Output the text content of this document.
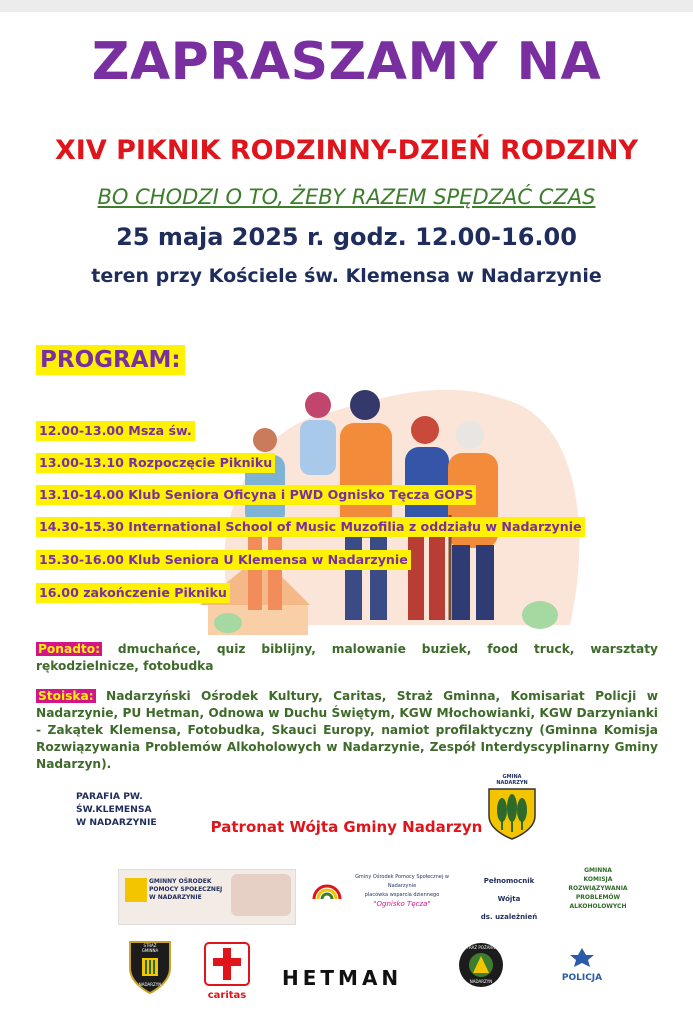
ZAPRASZAMY NA
XIV PIKNIK RODZINNY-DZIEŃ RODZINY
BO CHODZI O TO, ŻEBY RAZEM SPĘDZAĆ CZAS
25 maja 2025 r. godz. 12.00-16.00
teren przy Kościele św. Klemensa w Nadarzynie
PROGRAM:
12.00-13.00 Msza św.
13.00-13.10 Rozpoczęcie Pikniku
13.10-14.00 Klub Seniora Oficyna i PWD Ognisko Tęcza GOPS
14.30-15.30 International School of Music Muzofilia z oddziału w Nadarzynie
15.30-16.00 Klub Seniora U Klemensa w Nadarzynie
16.00 zakończenie Pikniku
Ponadto: dmuchańce, quiz biblijny, malowanie buziek, food truck, warsztaty rękodzielnicze, fotobudka
Stoiska: Nadarzyński Ośrodek Kultury, Caritas, Straż Gminna, Komisariat Policji w Nadarzynie, PU Hetman, Odnowa w Duchu Świętym, KGW Młochowianki, KGW Darzynianki - Zakątek Klemensa, Fotobudka, Skauci Europy, namiot profilaktyczny (Gminna Komisja Rozwiązywania Problemów Alkoholowych w Nadarzynie, Zespół Interdyscyplinarny Gminy Nadarzyn).
PARAFIA PW.
ŚW.KLEMENSA
W NADARZYNIE	Patronat Wójta Gminy Nadarzyn
GMINA NADARZYN
GMINNY OŚRODEK
POMOCY SPOŁECZNEJ
W NADARZYNIE
Gminy Ośrodek Pomocy Społecznej w Nadarzynie
placówka wsparcia dziennego
"Ognisko Tęcza"
Pełnomocnik
Wójta
ds. uzależnień
GMINNA
KOMISJA
ROZWIĄZYWANIA
PROBLEMÓW
ALKOHOLOWYCH
STRAŻ
GMINNA
NADARZYN
caritas
HETMAN
STRAŻ POŻARNA
NADARZYN	POLICJA
